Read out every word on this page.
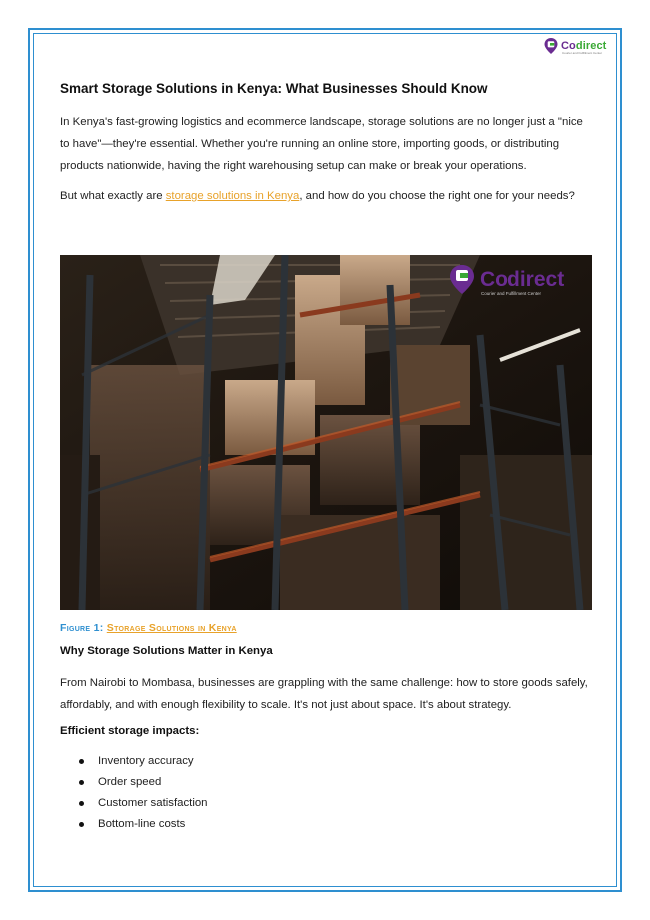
Codirect
Courier and Fulfillment Center
Smart Storage Solutions in Kenya: What Businesses Should Know

In Kenya's fast-growing logistics and ecommerce landscape, storage solutions are no longer just a "nice to have"—they're essential. Whether you're running an online store, importing goods, or distributing products nationwide, having the right warehousing setup can make or break your operations.

But what exactly are storage solutions in Kenya, and how do you choose the right one for your needs?

Co direct
Courier and Fulfillment Center
Figure 1: Storage Solutions in Kenya
Why Storage Solutions Matter in Kenya

From Nairobi to Mombasa, businesses are grappling with the same challenge: how to store goods safely, affordably, and with enough flexibility to scale. It's not just about space. It's about strategy.

Efficient storage impacts:
Inventory accuracy
Order speed
Customer satisfaction
Bottom-line costs
